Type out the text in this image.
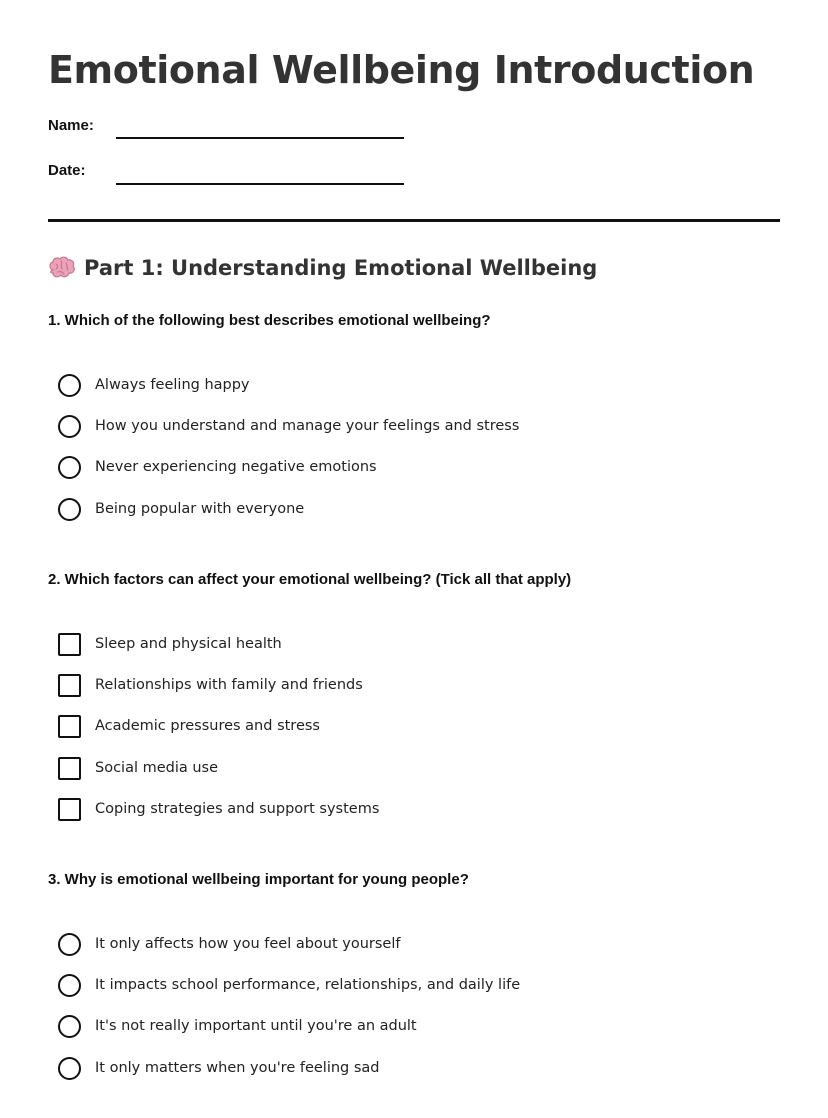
Emotional Wellbeing Introduction
Name:
Date:
Part 1: Understanding Emotional Wellbeing
1. Which of the following best describes emotional wellbeing?
Always feeling happy
How you understand and manage your feelings and stress
Never experiencing negative emotions
Being popular with everyone
2. Which factors can affect your emotional wellbeing? (Tick all that apply)
Sleep and physical health
Relationships with family and friends
Academic pressures and stress
Social media use
Coping strategies and support systems
3. Why is emotional wellbeing important for young people?
It only affects how you feel about yourself
It impacts school performance, relationships, and daily life
It's not really important until you're an adult
It only matters when you're feeling sad
